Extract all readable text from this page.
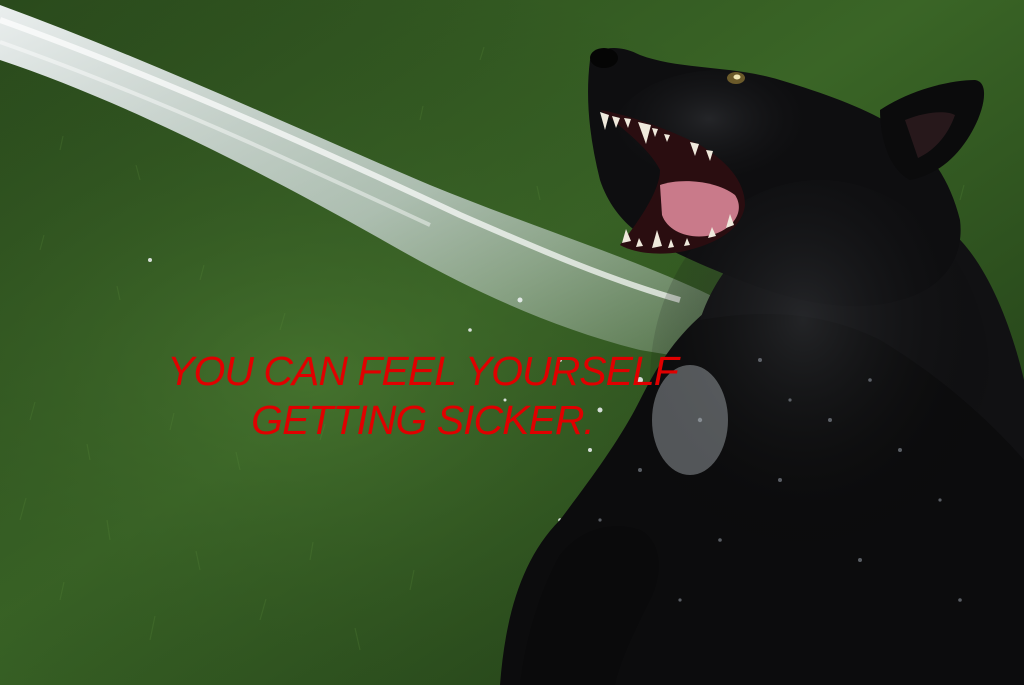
YOU CAN FEEL YOURSELF
GETTING SICKER.
